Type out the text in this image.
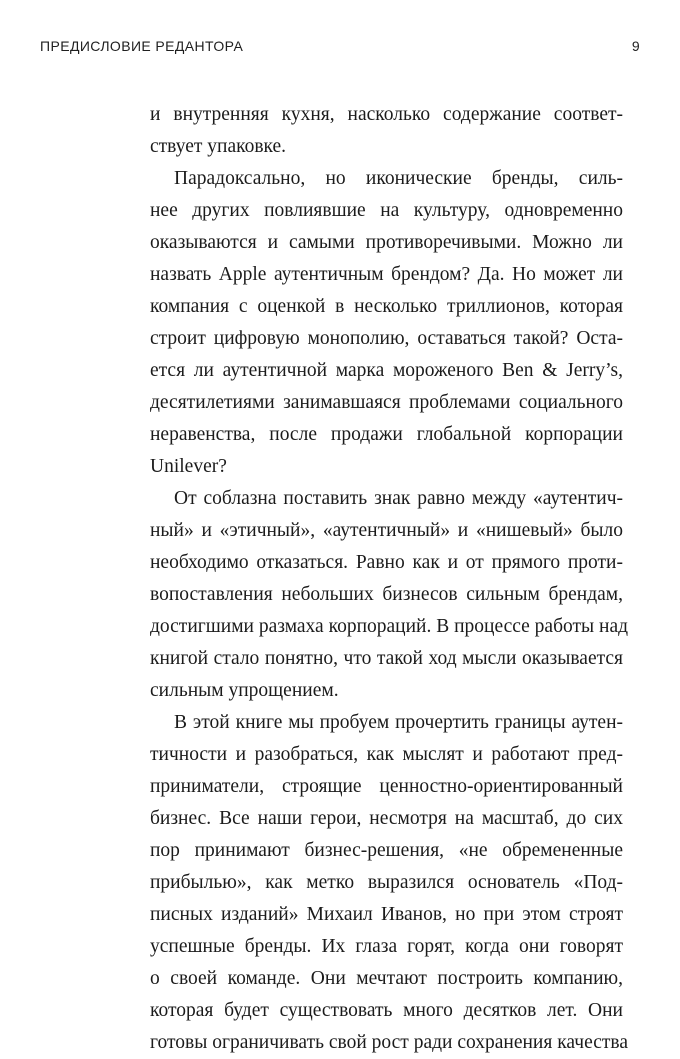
ПРЕДИСЛОВИЕ РЕДАНТОРА	9

и внутренняя кухня, насколько содержание соответ-
ствует упаковке.

Парадоксально, но иконические бренды, силь-
нее других повлиявшие на культуру, одновременно
оказываются и самыми противоречивыми. Можно ли
назвать Apple аутентичным брендом? Да. Но может ли
компания с оценкой в несколько триллионов, которая
строит цифровую монополию, оставаться такой? Оста-
ется ли аутентичной марка мороженого Ben & Jerry’s,
десятилетиями занимавшаяся проблемами социального
неравенства, после продажи глобальной корпорации
Unilever?

От соблазна поставить знак равно между «аутентич-
ный» и «этичный», «аутентичный» и «нишевый» было
необходимо отказаться. Равно как и от прямого проти-
вопоставления небольших бизнесов сильным брендам,
достигшими размаха корпораций. В процессе работы над
книгой стало понятно, что такой ход мысли оказывается
сильным упрощением.

В этой книге мы пробуем прочертить границы аутен-
тичности и разобраться, как мыслят и работают пред-
приниматели, строящие ценностно-ориентированный
бизнес. Все наши герои, несмотря на масштаб, до сих
пор принимают бизнес-решения, «не обремененные
прибылью», как метко выразился основатель «Под-
писных изданий» Михаил Иванов, но при этом строят
успешные бренды. Их глаза горят, когда они говорят
о своей команде. Они мечтают построить компанию,
которая будет существовать много десятков лет. Они
готовы ограничивать свой рост ради сохранения качества
